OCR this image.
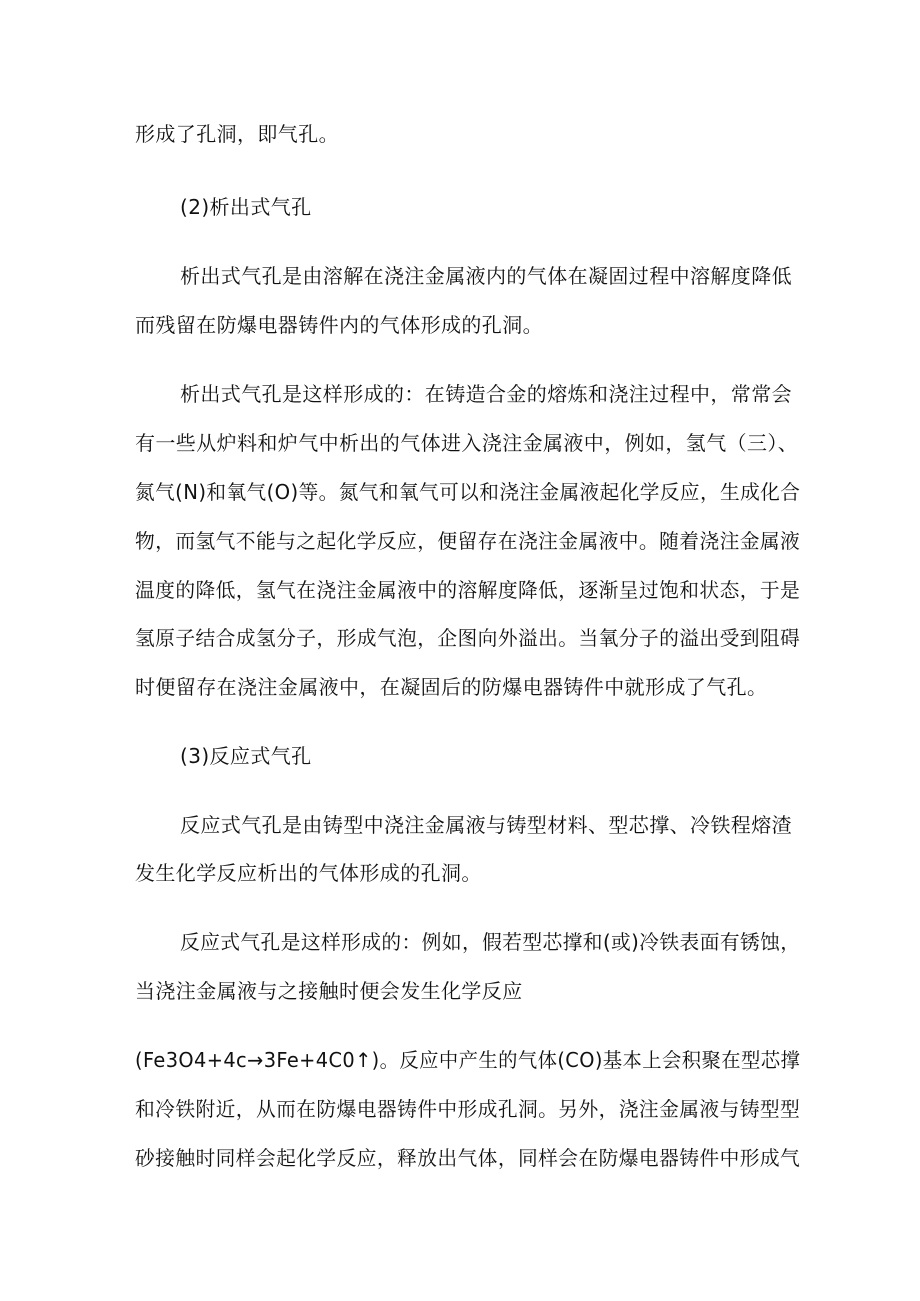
形成了孔洞，即气孔。
(2)析出式气孔
析出式气孔是由溶解在浇注金属液内的气体在凝固过程中溶解度降低
而残留在防爆电器铸件内的气体形成的孔洞。
析出式气孔是这样形成的：在铸造合金的熔炼和浇注过程中，常常会
有一些从炉料和炉气中析出的气体进入浇注金属液中，例如，氢气（三）、
氮气(N)和氧气(O)等。氮气和氧气可以和浇注金属液起化学反应，生成化合
物，而氢气不能与之起化学反应，便留存在浇注金属液中。随着浇注金属液
温度的降低，氢气在浇注金属液中的溶解度降低，逐渐呈过饱和状态，于是
氢原子结合成氢分子，形成气泡，企图向外溢出。当氧分子的溢出受到阻碍
时便留存在浇注金属液中，在凝固后的防爆电器铸件中就形成了气孔。
(3)反应式气孔
反应式气孔是由铸型中浇注金属液与铸型材料、型芯撑、冷铁程熔渣
发生化学反应析出的气体形成的孔洞。
反应式气孔是这样形成的：例如，假若型芯撑和(或)冷铁表面有锈蚀，
当浇注金属液与之接触时便会发生化学反应
(Fe3O4+4c→3Fe+4C0↑)。反应中产生的气体(CO)基本上会积聚在型芯撑
和冷铁附近，从而在防爆电器铸件中形成孔洞。另外，浇注金属液与铸型型
砂接触时同样会起化学反应，释放出气体，同样会在防爆电器铸件中形成气
